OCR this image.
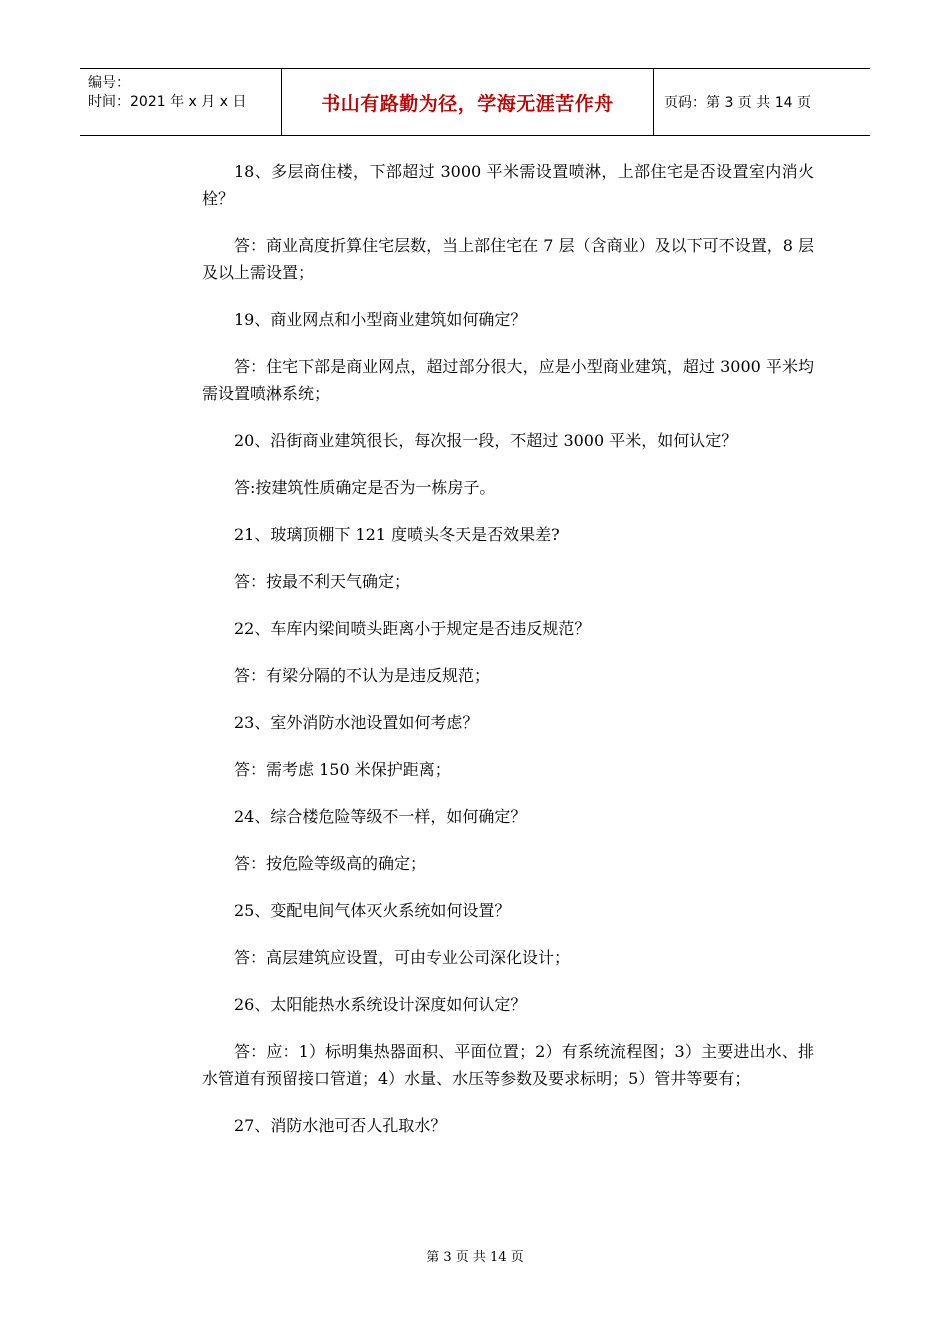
编号：
时间：2021 年 x 月 x 日	书山有路勤为径，学海无涯苦作舟	页码：第 3 页 共 14 页

18、多层商住楼，下部超过 3000 平米需设置喷淋，上部住宅是否设置室内消火栓？

答：商业高度折算住宅层数，当上部住宅在 7 层（含商业）及以下可不设置，8 层及以上需设置；

19、商业网点和小型商业建筑如何确定？

答：住宅下部是商业网点，超过部分很大，应是小型商业建筑，超过 3000 平米均需设置喷淋系统；

20、沿街商业建筑很长，每次报一段，不超过 3000 平米，如何认定？

答:按建筑性质确定是否为一栋房子。

21、玻璃顶棚下 121 度喷头冬天是否效果差?

答：按最不利天气确定；

22、车库内梁间喷头距离小于规定是否违反规范？

答：有梁分隔的不认为是违反规范；

23、室外消防水池设置如何考虑？

答：需考虑 150 米保护距离；

24、综合楼危险等级不一样，如何确定？

答：按危险等级高的确定；

25、变配电间气体灭火系统如何设置？

答：高层建筑应设置，可由专业公司深化设计；

26、太阳能热水系统设计深度如何认定？

答：应：1）标明集热器面积、平面位置；2）有系统流程图；3）主要进出水、排水管道有预留接口管道；4）水量、水压等参数及要求标明；5）管井等要有；

27、消防水池可否人孔取水？

第 3 页 共 14 页
